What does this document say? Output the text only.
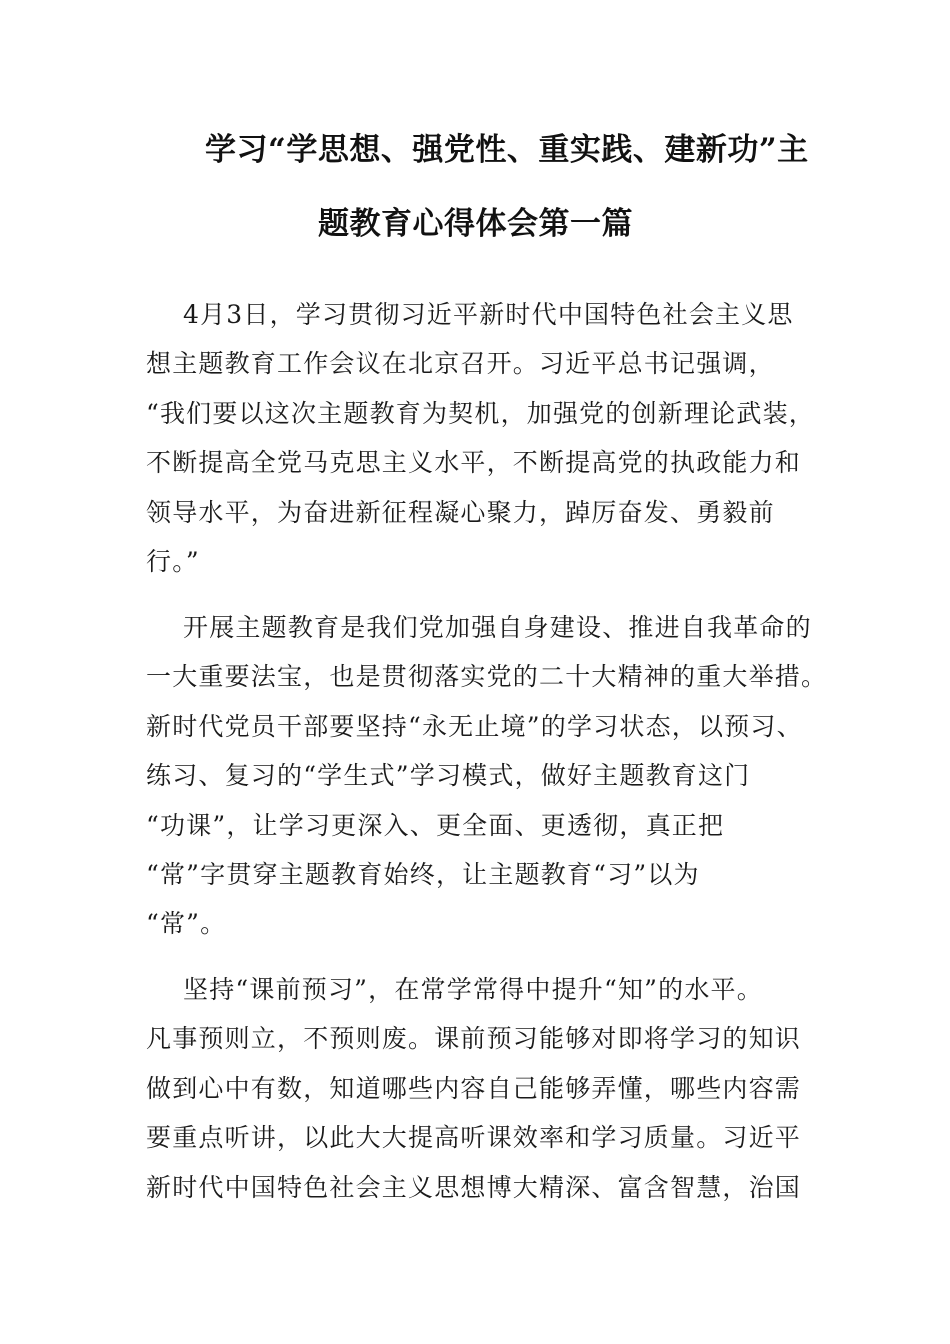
学习“学思想、强党性、重实践、建新功”主
题教育心得体会第一篇
4月3日，学习贯彻习近平新时代中国特色社会主义思
想主题教育工作会议在北京召开。习近平总书记强调，
“我们要以这次主题教育为契机，加强党的创新理论武装，
不断提高全党马克思主义水平，不断提高党的执政能力和
领导水平，为奋进新征程凝心聚力，踔厉奋发、勇毅前
行。”
开展主题教育是我们党加强自身建设、推进自我革命的
一大重要法宝，也是贯彻落实党的二十大精神的重大举措。
新时代党员干部要坚持“永无止境”的学习状态，以预习、
练习、复习的“学生式”学习模式，做好主题教育这门
“功课”，让学习更深入、更全面、更透彻，真正把
“常”字贯穿主题教育始终，让主题教育“习”以为
“常”。
坚持“课前预习”，在常学常得中提升“知”的水平。
凡事预则立，不预则废。课前预习能够对即将学习的知识
做到心中有数，知道哪些内容自己能够弄懂，哪些内容需
要重点听讲，以此大大提高听课效率和学习质量。习近平
新时代中国特色社会主义思想博大精深、富含智慧，治国
